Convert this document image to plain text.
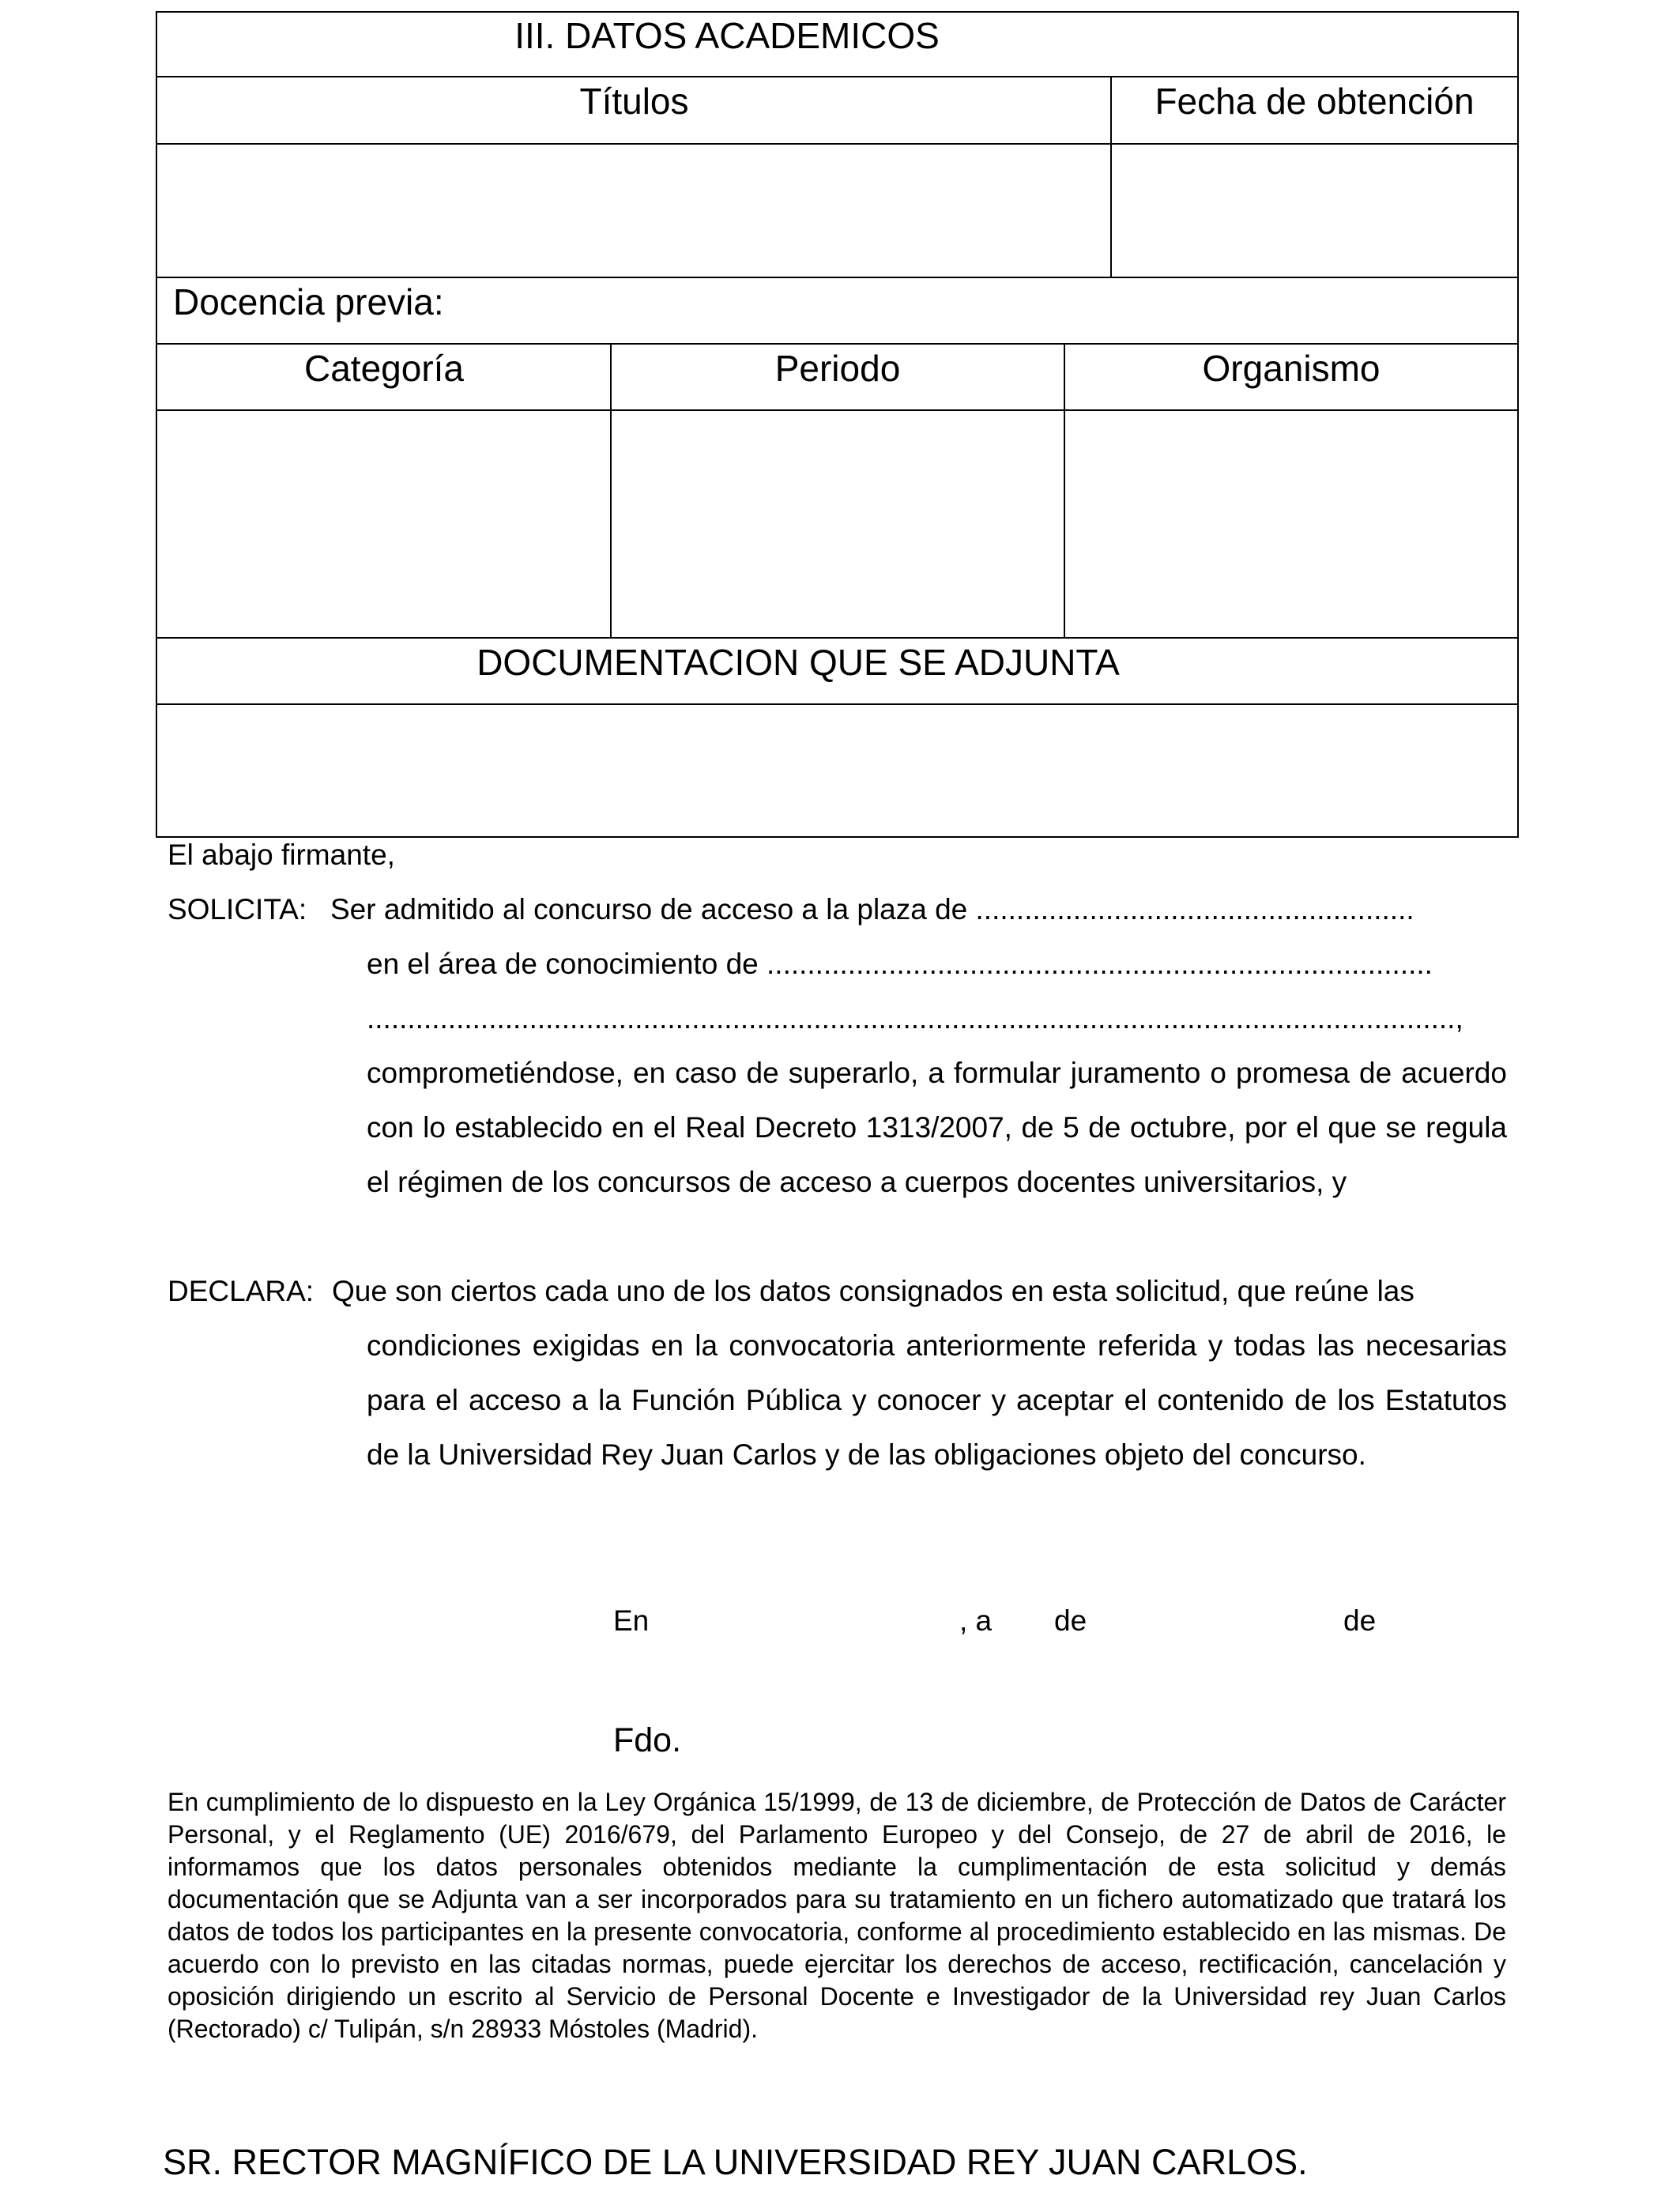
III. DATOS ACADEMICOS
Títulos	Fecha de obtención
Docencia previa:
Categoría	Periodo	Organismo
DOCUMENTACION QUE SE ADJUNTA
El abajo firmante,
SOLICITA: Ser admitido al concurso de acceso a la plaza de ......................................................
en el área de conocimiento de ..................................................................................
......................................................................................................................................,

comprometiéndose, en caso de superarlo, a formular juramento o promesa de acuerdo con lo establecido en el Real Decreto 1313/2007, de 5 de octubre, por el que se regula el régimen de los concursos de acceso a cuerpos docentes universitarios, y

DECLARA: Que son ciertos cada uno de los datos consignados en esta solicitud, que reúne las

condiciones exigidas en la convocatoria anteriormente referida y todas las necesarias para el acceso a la Función Pública y conocer y aceptar el contenido de los Estatutos de la Universidad Rey Juan Carlos y de las obligaciones objeto del concurso.

En	, a de	de
Fdo.

En cumplimiento de lo dispuesto en la Ley Orgánica 15/1999, de 13 de diciembre, de Protección de Datos de Carácter Personal, y el Reglamento (UE) 2016/679, del Parlamento Europeo y del Consejo, de 27 de abril de 2016, le informamos que los datos personales obtenidos mediante la cumplimentación de esta solicitud y demás documentación que se Adjunta van a ser incorporados para su tratamiento en un fichero automatizado que tratará los datos de todos los participantes en la presente convocatoria, conforme al procedimiento establecido en las mismas. De acuerdo con lo previsto en las citadas normas, puede ejercitar los derechos de acceso, rectificación, cancelación y oposición dirigiendo un escrito al Servicio de Personal Docente e Investigador de la Universidad rey Juan Carlos (Rectorado) c/ Tulipán, s/n 28933 Móstoles (Madrid).

SR. RECTOR MAGNÍFICO DE LA UNIVERSIDAD REY JUAN CARLOS.
